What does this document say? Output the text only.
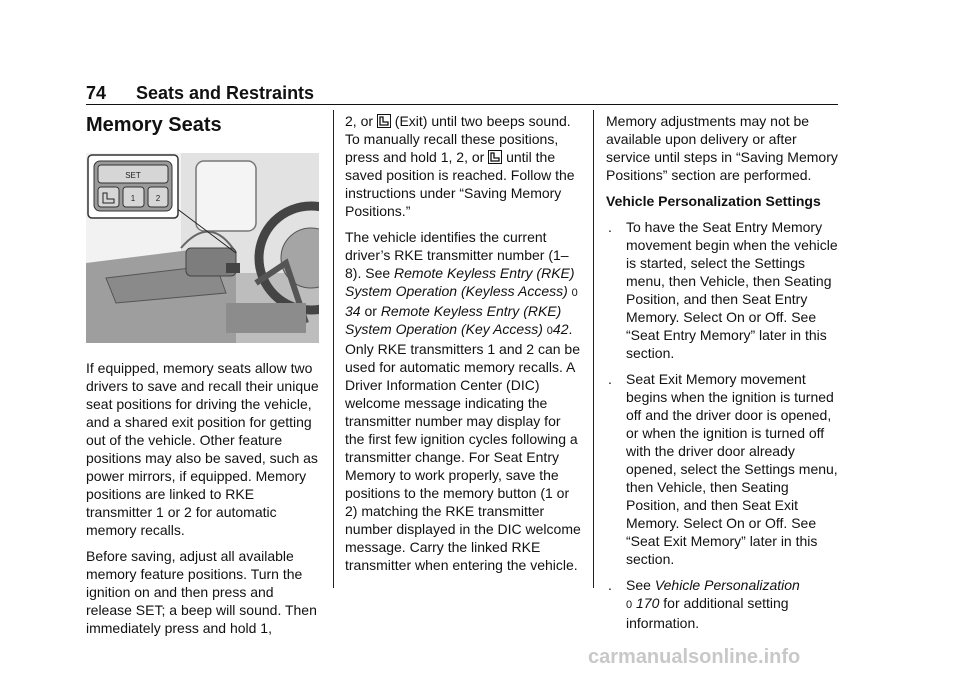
74 Seats and Restraints
Memory Seats
SET
1	2

If equipped, memory seats allow two drivers to save and recall their unique seat positions for driving the vehicle, and a shared exit position for getting out of the vehicle. Other feature positions may also be saved, such as power mirrors, if equipped. Memory positions are linked to RKE transmitter 1 or 2 for automatic memory recalls.

Before saving, adjust all available memory feature positions. Turn the ignition on and then press and release SET; a beep will sound. Then immediately press and hold 1,

2, or (Exit) until two beeps sound. To manually recall these positions, press and hold 1, 2, or until the saved position is reached. Follow the instructions under “Saving Memory Positions.”

The vehicle identifies the current driver’s RKE transmitter number (1–8). See Remote Keyless Entry (RKE) System Operation (Keyless Access) 0 34 or Remote Keyless Entry (RKE) System Operation (Key Access) 042. Only RKE transmitters 1 and 2 can be used for automatic memory recalls. A Driver Information Center (DIC) welcome message indicating the transmitter number may display for the first few ignition cycles following a transmitter change. For Seat Entry Memory to work properly, save the positions to the memory button (1 or 2) matching the RKE transmitter number displayed in the DIC welcome message. Carry the linked RKE transmitter when entering the vehicle.

Memory adjustments may not be available upon delivery or after service until steps in “Saving Memory Positions” section are performed.

Vehicle Personalization Settings
. To have the Seat Entry Memory movement begin when the vehicle is started, select the Settings menu, then Vehicle, then Seating Position, and then Seat Entry Memory. Select On or Off. See “Seat Entry Memory” later in this section.
. Seat Exit Memory movement begins when the ignition is turned off and the driver door is opened, or when the ignition is turned off with the driver door already opened, select the Settings menu, then Vehicle, then Seating Position, and then Seat Exit Memory. Select On or Off. See “Seat Exit Memory” later in this section.
. See Vehicle Personalization
0 170 for additional setting information.
carmanualsonline.info
